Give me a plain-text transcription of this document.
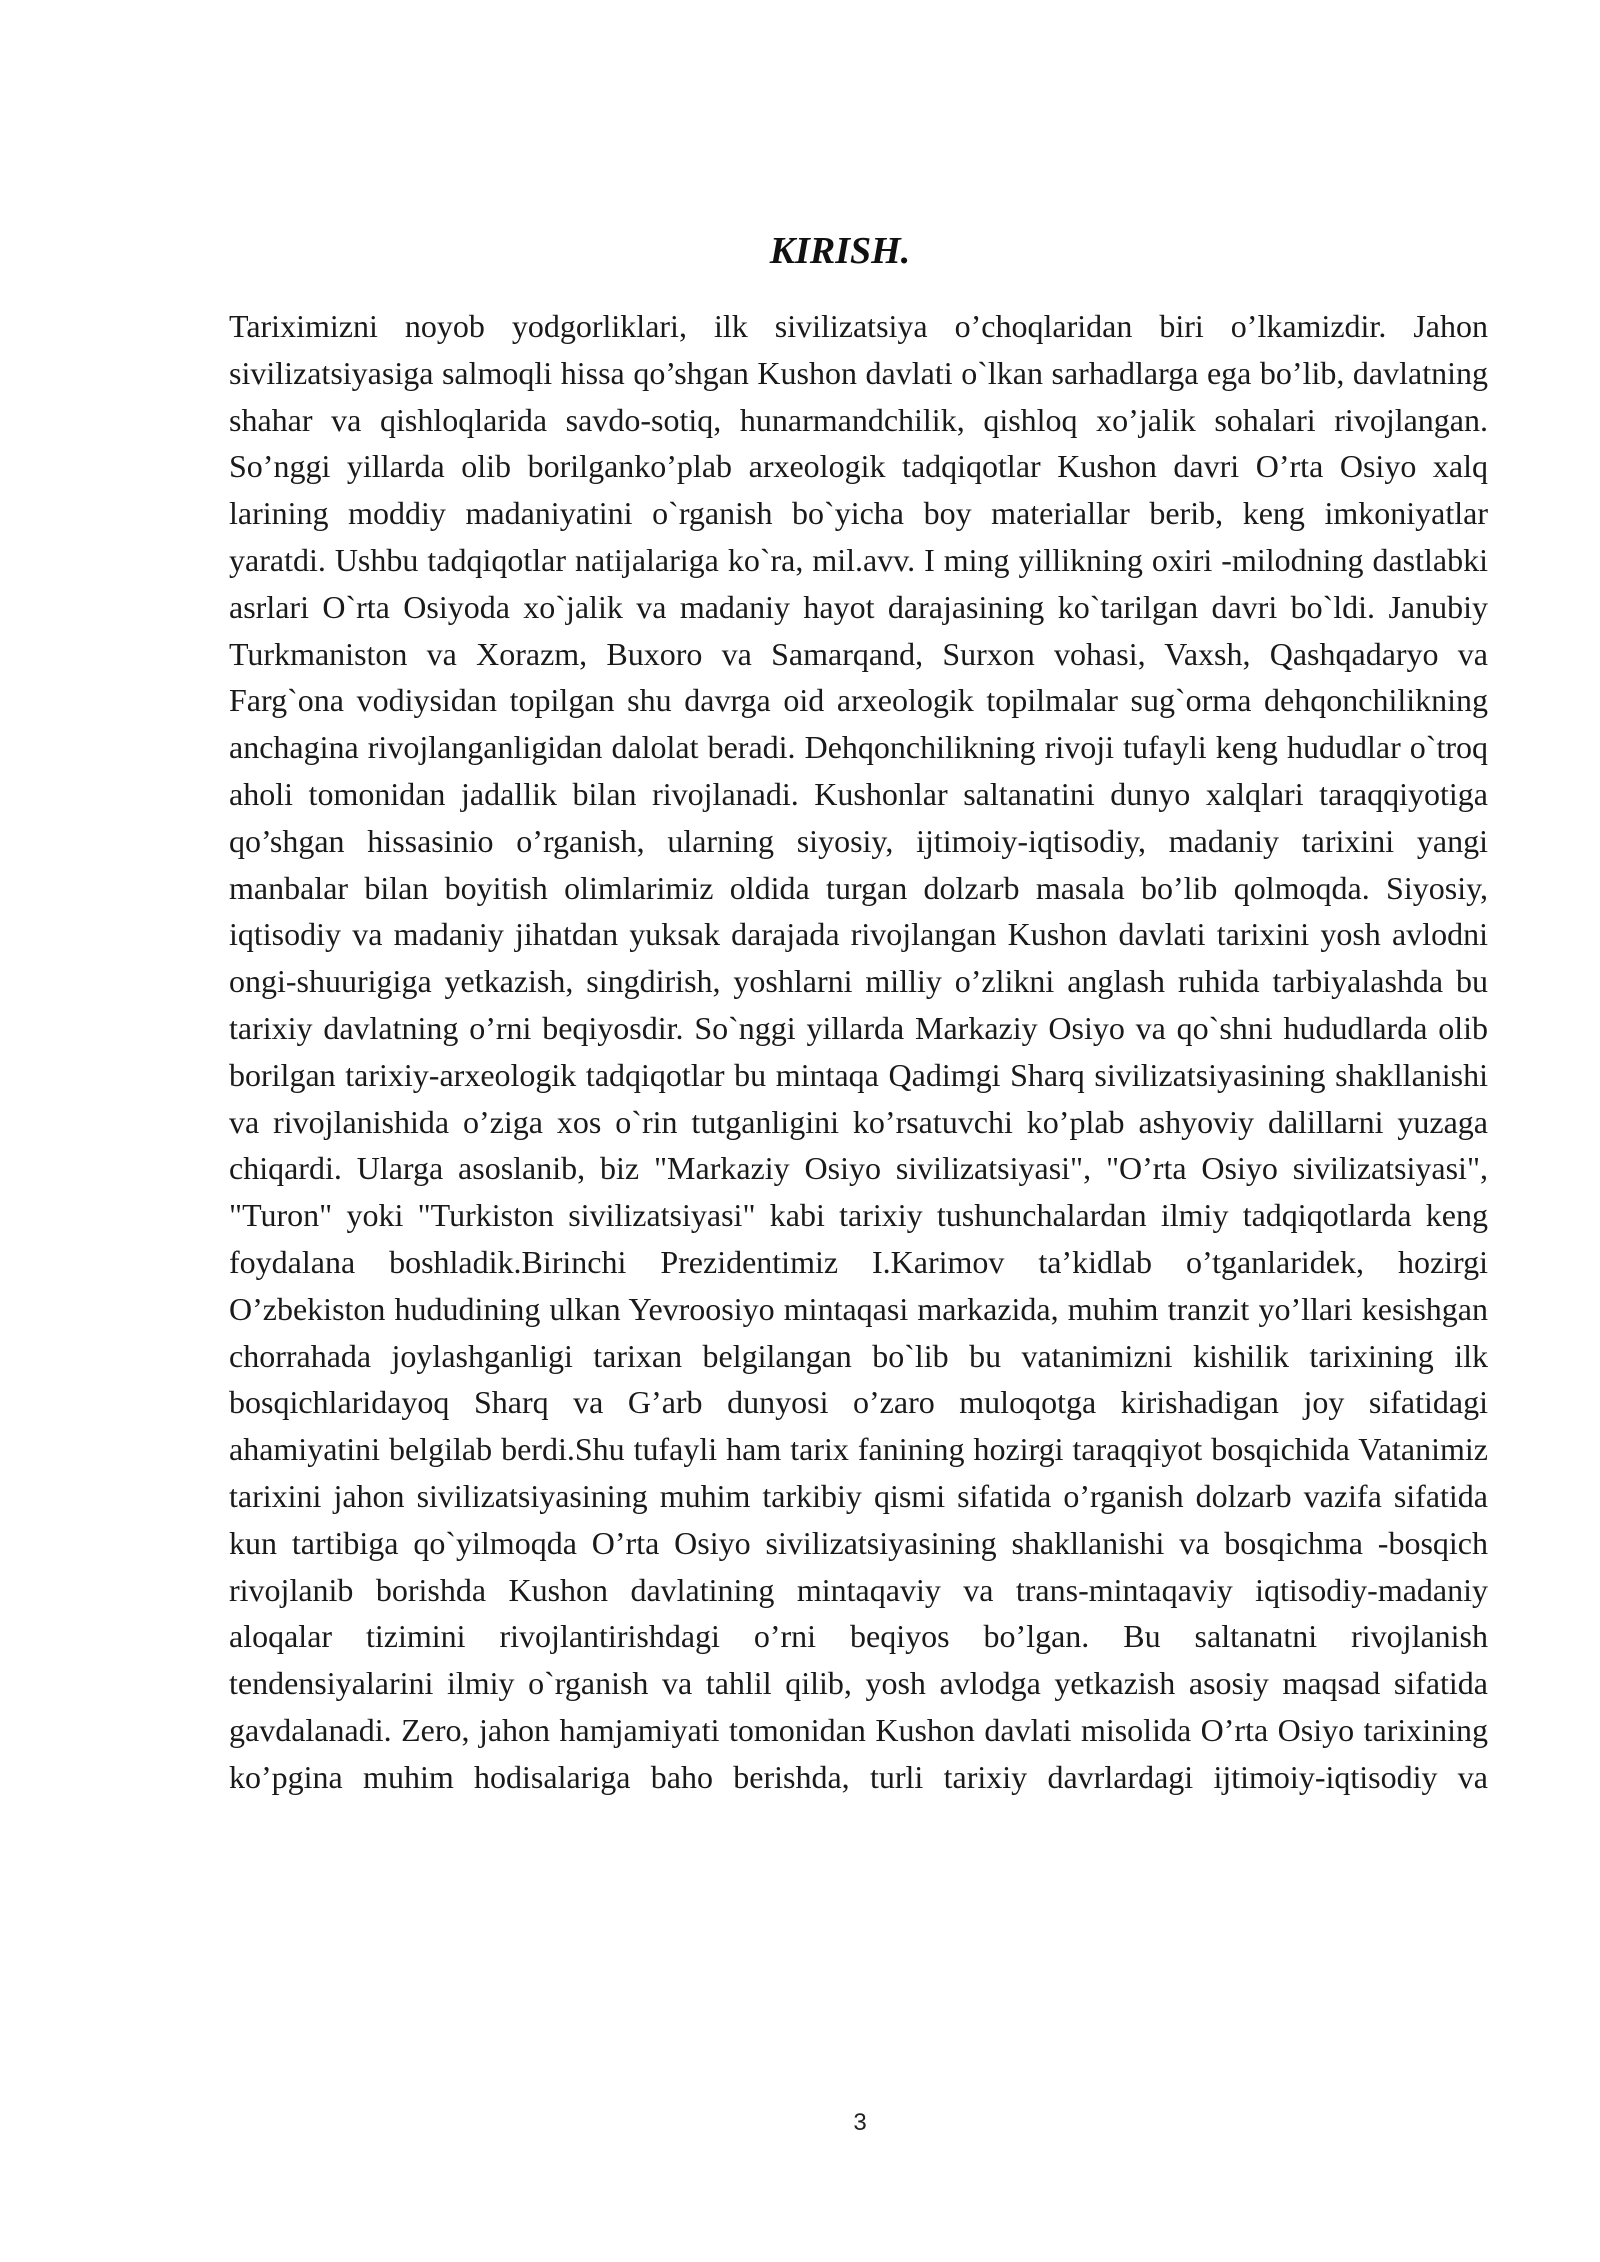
KIRISH.

Tariximizni noyob yodgorliklari, ilk sivilizatsiya o’choqlaridan biri o’lkamizdir. Jahon sivilizatsiyasiga salmoqli hissa qo’shgan Kushon davlati o`lkan sarhadlarga ega bo’lib, davlatning shahar va qishloqlarida savdo-sotiq, hunarmandchilik, qishloq xo’jalik sohalari rivojlangan. So’nggi yillarda olib borilganko’plab arxeologik tadqiqotlar Kushon davri O’rta Osiyo xalq larining moddiy madaniyatini o`rganish bo`yicha boy materiallar berib, keng imkoniyatlar yaratdi. Ushbu tadqiqotlar natijalariga ko`ra, mil.avv. I ming yillikning oxiri -milodning dastlabki asrlari O`rta Osiyoda xo`jalik va madaniy hayot darajasining ko`tarilgan davri bo`ldi. Janubiy Turkmaniston va Xorazm, Buxoro va Samarqand, Surxon vohasi, Vaxsh, Qashqadaryo va Farg`ona vodiysidan topilgan shu davrga oid arxeologik topilmalar sug`orma dehqonchilikning anchagina rivojlanganligidan dalolat beradi. Dehqonchilikning rivoji tufayli keng hududlar o`troq aholi tomonidan jadallik bilan rivojlanadi. Kushonlar saltanatini dunyo xalqlari taraqqiyotiga qo’shgan hissasinio o’rganish, ularning siyosiy, ijtimoiy-iqtisodiy, madaniy tarixini yangi manbalar bilan boyitish olimlarimiz oldida turgan dolzarb masala bo’lib qolmoqda. Siyosiy, iqtisodiy va madaniy jihatdan yuksak darajada rivojlangan Kushon davlati tarixini yosh avlodni ongi-shuurigiga yetkazish, singdirish, yoshlarni milliy o’zlikni anglash ruhida tarbiyalashda bu tarixiy davlatning o’rni beqiyosdir. So`nggi yillarda Markaziy Osiyo va qo`shni hududlarda olib borilgan tarixiy-arxeologik tadqiqotlar bu mintaqa Qadimgi Sharq sivilizatsiyasining shakllanishi va rivojlanishida o’ziga xos o`rin tutganligini ko’rsatuvchi ko’plab ashyoviy dalillarni yuzaga chiqardi. Ularga asoslanib, biz "Markaziy Osiyo sivilizatsiyasi", "O’rta Osiyo sivilizatsiyasi", "Turon" yoki "Turkiston sivilizatsiyasi" kabi tarixiy tushunchalardan ilmiy tadqiqotlarda keng foydalana boshladik.Birinchi Prezidentimiz I.Karimov ta’kidlab o’tganlaridek, hozirgi O’zbekiston hududining ulkan Yevroosiyo mintaqasi markazida, muhim tranzit yo’llari kesishgan chorrahada joylashganligi tarixan belgilangan bo`lib bu vatanimizni kishilik tarixining ilk bosqichlaridayoq Sharq va G’arb dunyosi o’zaro muloqotga kirishadigan joy sifatidagi ahamiyatini belgilab berdi.Shu tufayli ham tarix fanining hozirgi taraqqiyot bosqichida Vatanimiz tarixini jahon sivilizatsiyasining muhim tarkibiy qismi sifatida o’rganish dolzarb vazifa sifatida kun tartibiga qo`yilmoqda O’rta Osiyo sivilizatsiyasining shakllanishi va bosqichma -bosqich rivojlanib borishda Kushon davlatining mintaqaviy va trans-mintaqaviy iqtisodiy-madaniy aloqalar tizimini rivojlantirishdagi o’rni beqiyos bo’lgan. Bu saltanatni rivojlanish tendensiyalarini ilmiy o`rganish va tahlil qilib, yosh avlodga yetkazish asosiy maqsad sifatida gavdalanadi. Zero, jahon hamjamiyati tomonidan Kushon davlati misolida O’rta Osiyo tarixining ko’pgina muhim hodisalariga baho berishda, turli tarixiy davrlardagi ijtimoiy-iqtisodiy va

3
